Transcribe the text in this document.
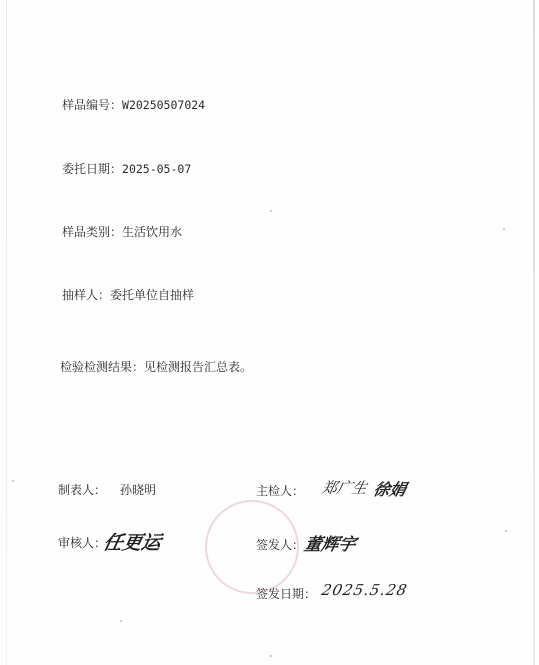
样品编号：W20250507024
委托日期：2025-05-07
样品类别：生活饮用水
抽样人：委托单位自抽样
检验检测结果：见检测报告汇总表。
制表人： 孙晓明	主检人： 郑广生 徐娟
审核人：
任更运	签发人：
董辉宇
签发日期： 2025.5.28
